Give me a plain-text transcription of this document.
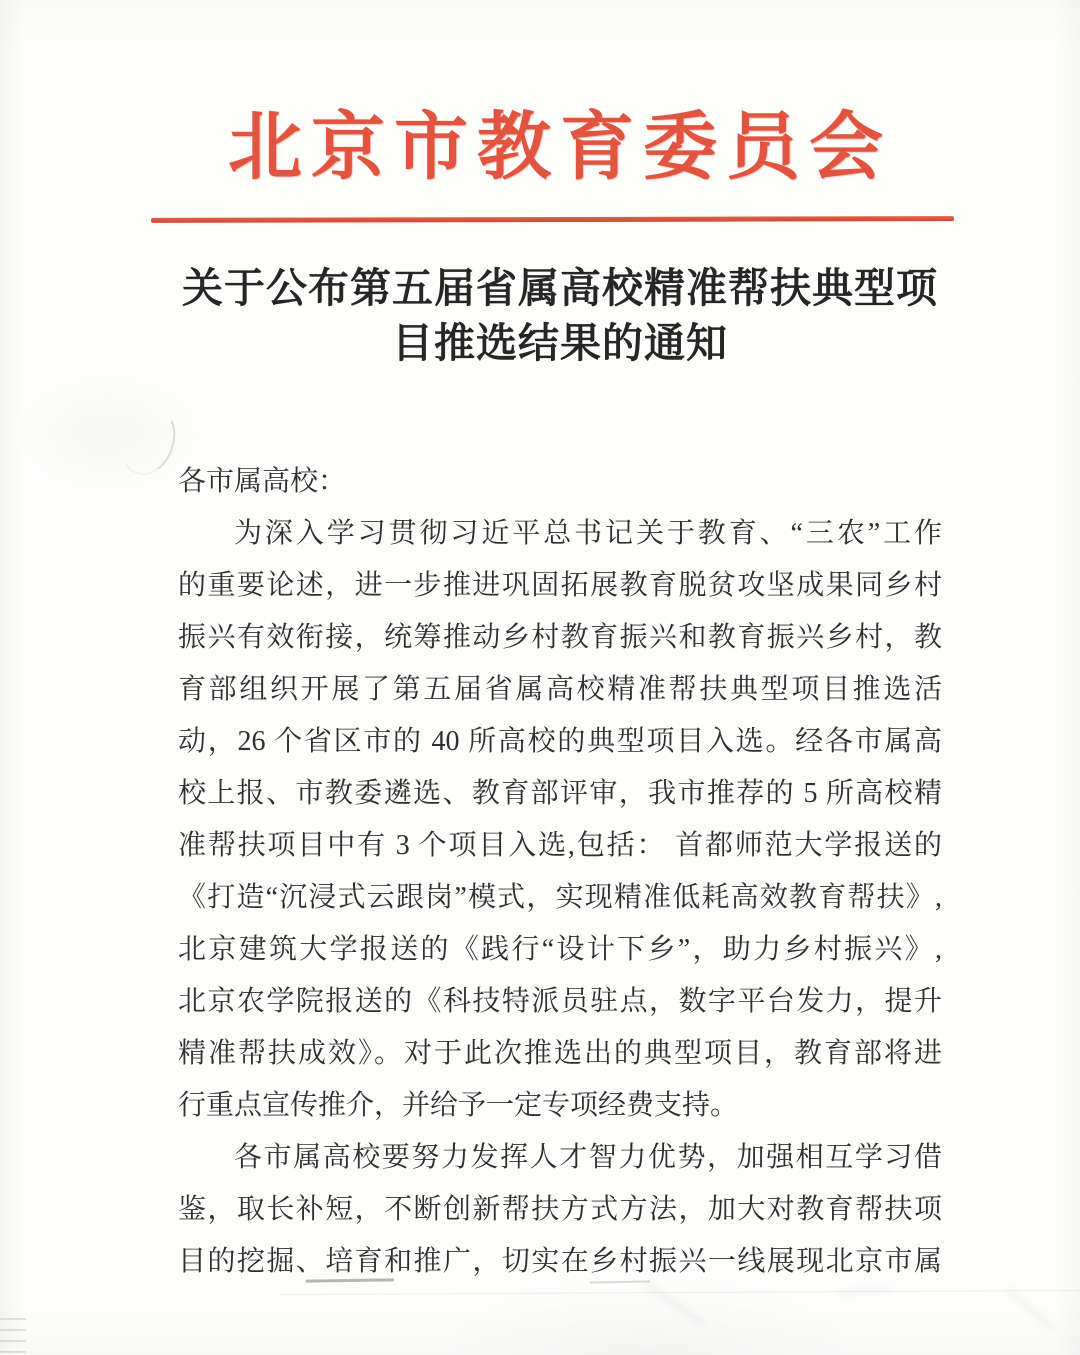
北京市教育委员会
关于公布第五届省属高校精准帮扶典型项
目推选结果的通知
各市属高校：
为深入学习贯彻习近平总书记关于教育、“三农”工作
的重要论述，进一步推进巩固拓展教育脱贫攻坚成果同乡村
振兴有效衔接，统筹推动乡村教育振兴和教育振兴乡村，教
育部组织开展了第五届省属高校精准帮扶典型项目推选活
动，26 个省区市的 40 所高校的典型项目入选。经各市属高
校上报、市教委遴选、教育部评审，我市推荐的 5 所高校精
准帮扶项目中有 3 个项目入选,包括： 首都师范大学报送的
《打造“沉浸式云跟岗”模式，实现精准低耗高效教育帮扶》,
北京建筑大学报送的《践行“设计下乡”，助力乡村振兴》,
北京农学院报送的《科技特派员驻点，数字平台发力，提升
精准帮扶成效》。对于此次推选出的典型项目，教育部将进
行重点宣传推介，并给予一定专项经费支持。
各市属高校要努力发挥人才智力优势，加强相互学习借
鉴，取长补短，不断创新帮扶方式方法，加大对教育帮扶项
目的挖掘、培育和推广，切实在乡村振兴一线展现北京市属
